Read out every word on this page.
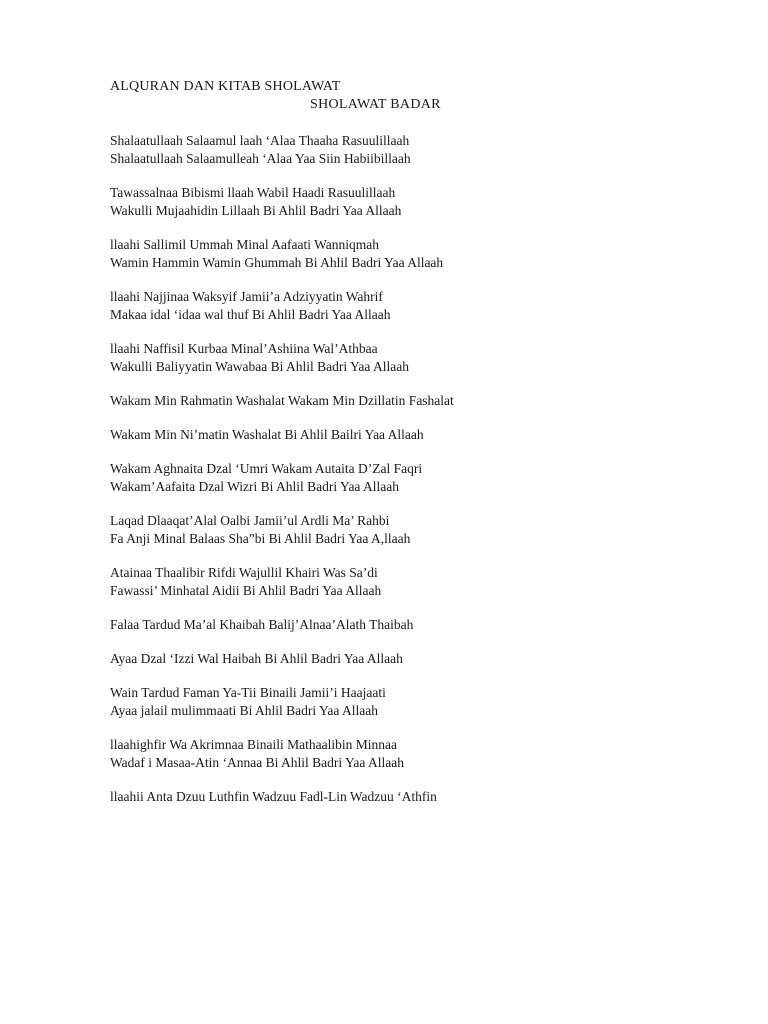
ALQURAN DAN KITAB SHOLAWAT
SHOLAWAT BADAR
Shalaatullaah Salaamul laah ‘Alaa Thaaha Rasuulillaah
Shalaatullaah Salaamulleah ‘Alaa Yaa Siin Habiibillaah
Tawassalnaa Bibismi llaah Wabil Haadi Rasuulillaah
Wakulli Mujaahidin Lillaah Bi Ahlil Badri Yaa Allaah
llaahi Sallimil Ummah Minal Aafaati Wanniqmah
Wamin Hammin Wamin Ghummah Bi Ahlil Badri Yaa Allaah
llaahi Najjinaa Waksyif Jamii’a Adziyyatin Wahrif
Makaa idal ‘idaa wal thuf Bi Ahlil Badri Yaa Allaah
llaahi Naffisil Kurbaa Minal’Ashiina Wal’Athbaa
Wakulli Baliyyatin Wawabaa Bi Ahlil Badri Yaa Allaah
Wakam Min Rahmatin Washalat Wakam Min Dzillatin Fashalat
Wakam Min Ni’matin Washalat Bi Ahlil Bailri Yaa Allaah
Wakam Aghnaita Dzal ‘Umri Wakam Autaita D’Zal Faqri
Wakam’Aafaita Dzal Wizri Bi Ahlil Badri Yaa Allaah
Laqad Dlaaqat’Alal Oalbi Jamii’ul Ardli Ma’ Rahbi
Fa Anji Minal Balaas Sha”bi Bi Ahlil Badri Yaa A,llaah
Atainaa Thaalibir Rifdi Wajullil Khairi Was Sa’di
Fawassi’ Minhatal Aidii Bi Ahlil Badri Yaa Allaah
Falaa Tardud Ma’al Khaibah Balij’Alnaa’Alath Thaibah
Ayaa Dzal ‘Izzi Wal Haibah Bi Ahlil Badri Yaa Allaah
Wain Tardud Faman Ya-Tii Binaili Jamii’i Haajaati
Ayaa jalail mulimmaati Bi Ahlil Badri Yaa Allaah
llaahighfir Wa Akrimnaa Binaili Mathaalibin Minnaa
Wadaf i Masaa-Atin ‘Annaa Bi Ahlil Badri Yaa Allaah
llaahii Anta Dzuu Luthfin Wadzuu Fadl-Lin Wadzuu ‘Athfin
